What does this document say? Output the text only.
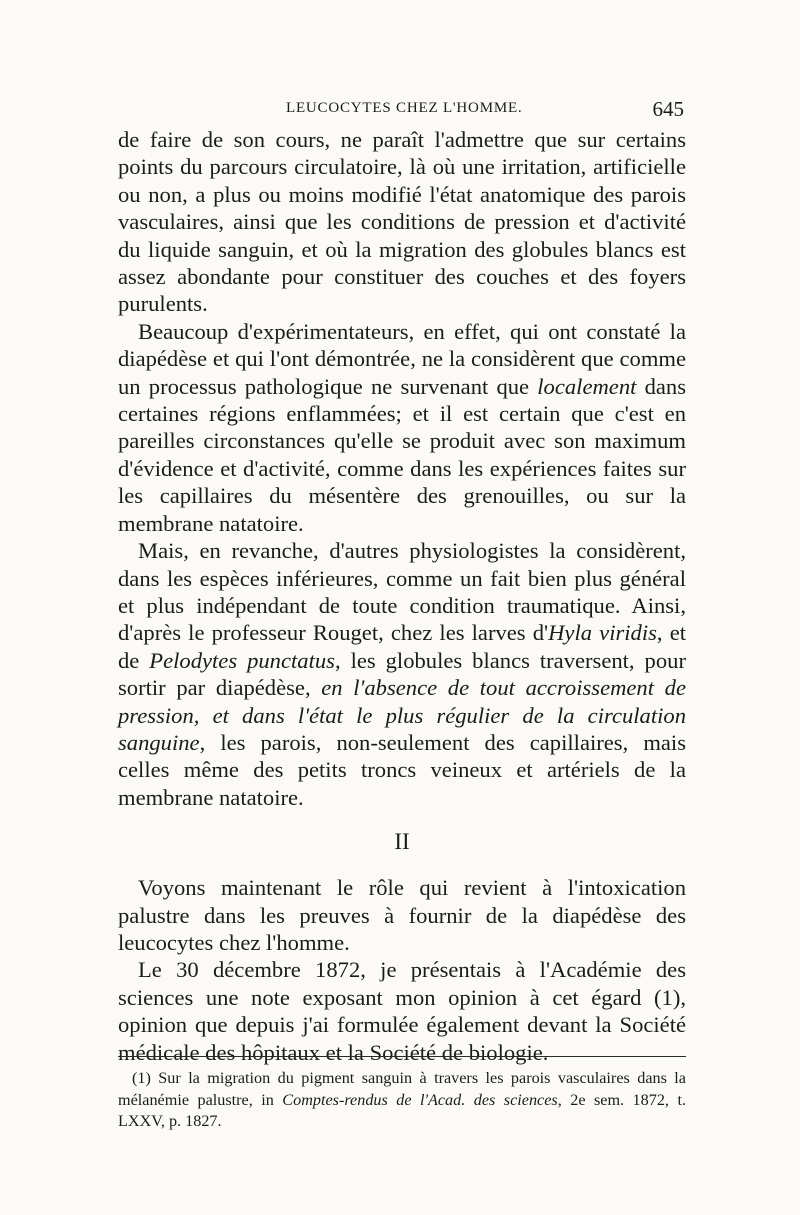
LEUCOCYTES CHEZ L'HOMME.	645

de faire de son cours, ne paraît l'admettre que sur certains points du parcours circulatoire, là où une irritation, artificielle ou non, a plus ou moins modifié l'état anatomique des parois vasculaires, ainsi que les conditions de pression et d'activité du liquide sanguin, et où la migration des globules blancs est assez abondante pour constituer des couches et des foyers purulents.

Beaucoup d'expérimentateurs, en effet, qui ont constaté la diapédèse et qui l'ont démontrée, ne la considèrent que comme un processus pathologique ne survenant que localement dans certaines régions enflammées; et il est certain que c'est en pareilles circonstances qu'elle se produit avec son maximum d'évidence et d'activité, comme dans les expériences faites sur les capillaires du mésentère des grenouilles, ou sur la membrane natatoire.

Mais, en revanche, d'autres physiologistes la considèrent, dans les espèces inférieures, comme un fait bien plus général et plus indépendant de toute condition traumatique. Ainsi, d'après le professeur Rouget, chez les larves d'Hyla viridis, et de Pelodytes punctatus, les globules blancs traversent, pour sortir par diapédèse, en l'absence de tout accroissement de pression, et dans l'état le plus régulier de la circulation sanguine, les parois, non-seulement des capillaires, mais celles même des petits troncs veineux et artériels de la membrane natatoire.

II

Voyons maintenant le rôle qui revient à l'intoxication palustre dans les preuves à fournir de la diapédèse des leucocytes chez l'homme.

Le 30 décembre 1872, je présentais à l'Académie des sciences une note exposant mon opinion à cet égard (1), opinion que depuis j'ai formulée également devant la Société médicale des hôpitaux et la Société de biologie.

(1) Sur la migration du pigment sanguin à travers les parois vasculaires dans la mélanémie palustre, in Comptes-rendus de l'Acad. des sciences, 2e sem. 1872, t. LXXV, p. 1827.
